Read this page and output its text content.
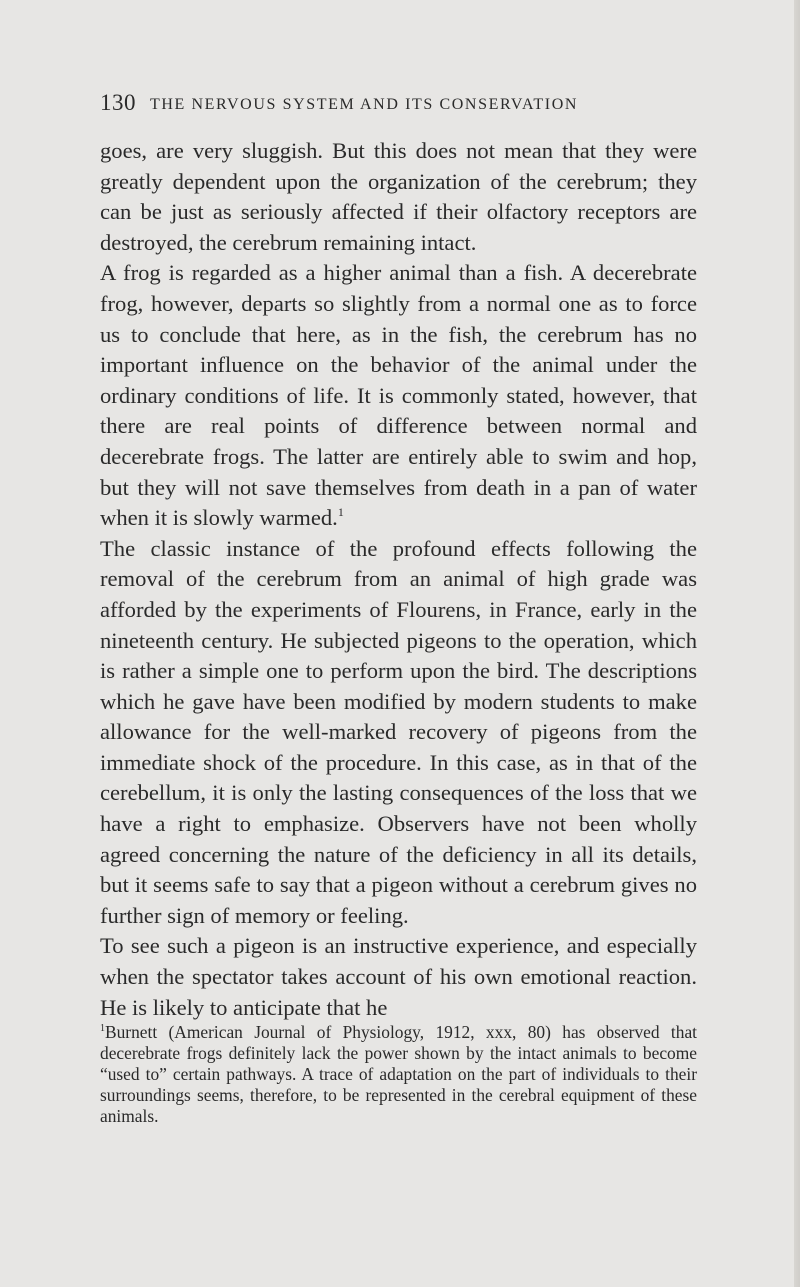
130 THE NERVOUS SYSTEM AND ITS CONSERVATION

goes, are very sluggish. But this does not mean that they were greatly dependent upon the organization of the cerebrum; they can be just as seriously affected if their olfactory receptors are destroyed, the cerebrum remaining intact.

A frog is regarded as a higher animal than a fish. A decerebrate frog, however, departs so slightly from a normal one as to force us to conclude that here, as in the fish, the cerebrum has no important influence on the behavior of the animal under the ordinary conditions of life. It is commonly stated, however, that there are real points of difference between normal and decerebrate frogs. The latter are entirely able to swim and hop, but they will not save themselves from death in a pan of water when it is slowly warmed.$^1$

The classic instance of the profound effects following the removal of the cerebrum from an animal of high grade was afforded by the experiments of Flourens, in France, early in the nineteenth century. He subjected pigeons to the operation, which is rather a simple one to perform upon the bird. The descriptions which he gave have been modified by modern students to make allowance for the well-marked recovery of pigeons from the immediate shock of the procedure. In this case, as in that of the cerebellum, it is only the lasting consequences of the loss that we have a right to emphasize. Observers have not been wholly agreed concerning the nature of the deficiency in all its details, but it seems safe to say that a pigeon without a cerebrum gives no further sign of memory or feeling.

To see such a pigeon is an instructive experience, and especially when the spectator takes account of his own emotional reaction. He is likely to anticipate that he

$^1$Burnett (American Journal of Physiology, 1912, xxx, 80) has observed that decerebrate frogs definitely lack the power shown by the intact animals to become “used to” certain pathways. A trace of adaptation on the part of individuals to their surroundings seems, therefore, to be represented in the cerebral equipment of these animals.
